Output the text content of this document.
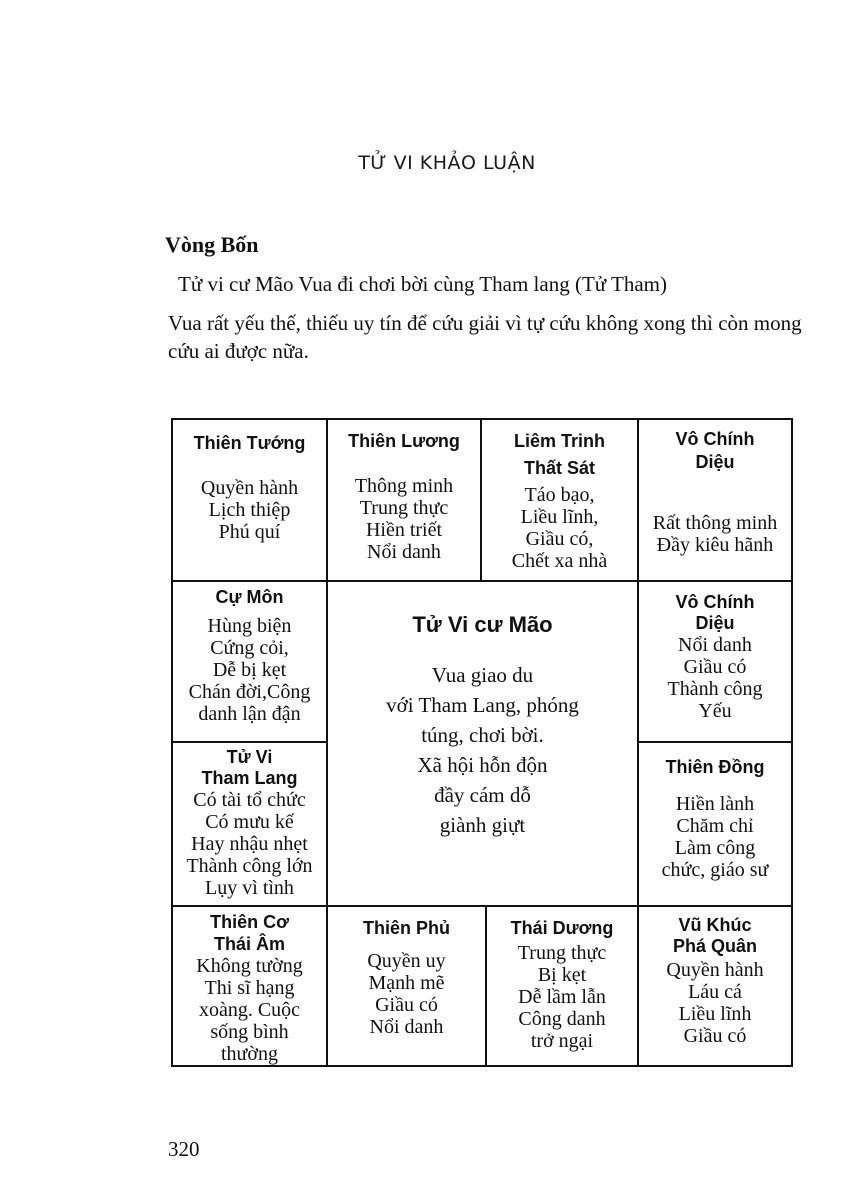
TỬ VI KHẢO LUẬN
Vòng Bốn
Tử vi cư Mão Vua đi chơi bời cùng Tham lang (Tử Tham)
Vua rất yếu thế, thiếu uy tín để cứu giải vì tự cứu không xong thì còn mong cứu ai được nữa.
Thiên Tướng
Quyền hành
Lịch thiệp
Phú quí
Thiên Lương
Thông minh
Trung thực
Hiền triết
Nổi danh
Liêm Trinh
Thất Sát
Táo bạo,
Liều lĩnh,
Giầu có,
Chết xa nhà
Vô Chính
Diệu
Rất thông minh
Đầy kiêu hãnh
Cự Môn
Hùng biện
Cứng cỏi,
Dễ bị kẹt
Chán đời,Công
danh lận đận
Tử Vi
Tham Lang
Có tài tổ chức
Có mưu kế
Hay nhậu nhẹt
Thành công lớn
Lụy vì tình
Tử Vi cư Mão
Vua giao du
với Tham Lang, phóng
túng, chơi bời.
Xã hội hỗn độn
đầy cám dỗ
giành giựt
Vô Chính
Diệu
Nổi danh
Giầu có
Thành công
Yếu
Thiên Đồng
Hiền lành
Chăm chỉ
Làm công
chức, giáo sư
Thiên Cơ
Thái Âm
Không tường
Thi sĩ hạng
xoàng. Cuộc
sống bình
thường
Thiên Phủ
Quyền uy
Mạnh mẽ
Giầu có
Nổi danh
Thái Dương
Trung thực
Bị kẹt
Dễ lầm lẫn
Công danh
trở ngại
Vũ Khúc
Phá Quân
Quyền hành
Láu cá
Liều lĩnh
Giầu có
320
